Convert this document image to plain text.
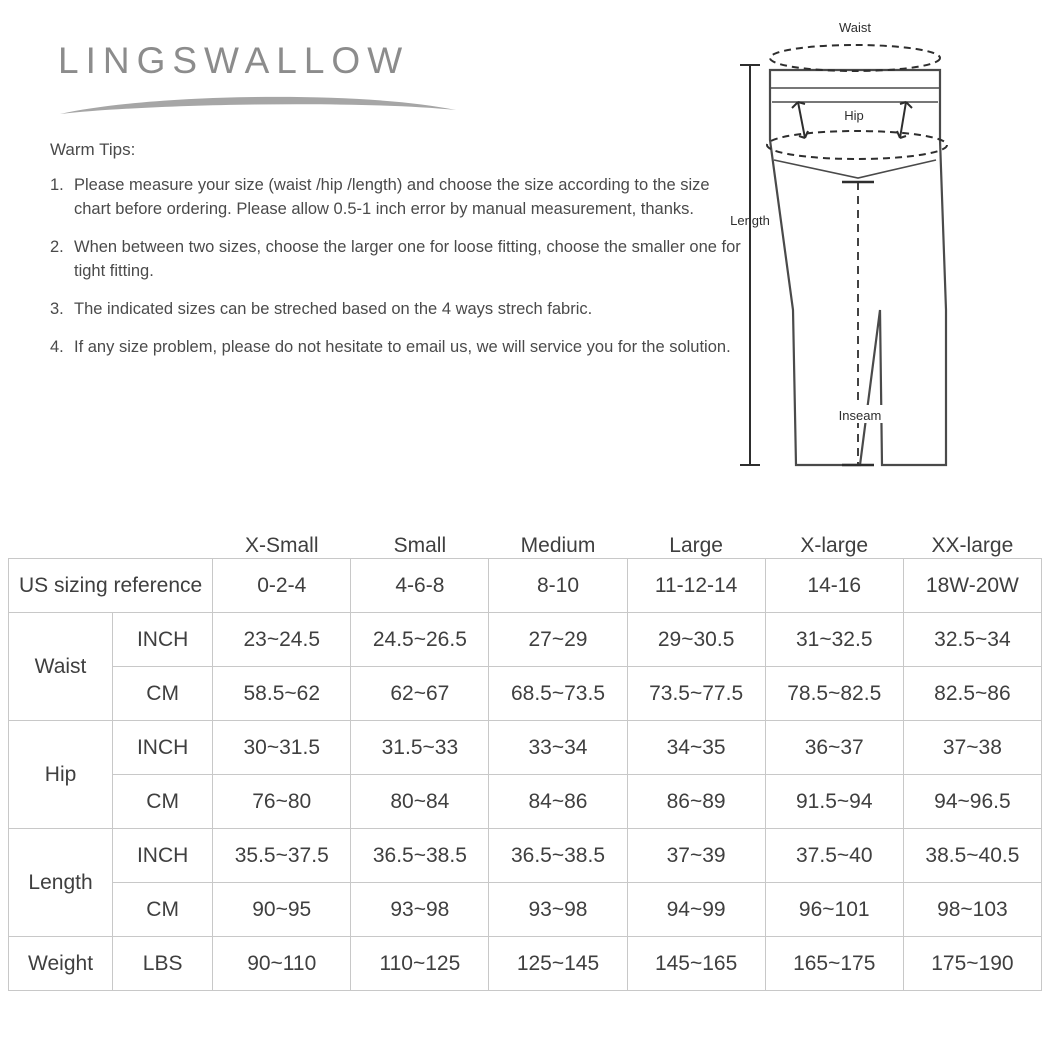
LINGSWALLOW
Warm Tips:
1. Please measure your size (waist /hip /length) and choose the size according to the size chart before ordering. Please allow 0.5-1 inch error by manual measurement, thanks.
2. When between two sizes, choose the larger one for loose fitting, choose the smaller one for tight fitting.
3. The indicated sizes can be streched based on the 4 ways strech fabric.
4. If any size problem, please do not hesitate to email us, we will service you for the solution.
Waist
Hip
Length
Inseam
		X-Small	Small	Medium	Large	X-large	XX-large
US sizing reference		0-2-4	4-6-8	8-10	11-12-14	14-16	18W-20W
Waist	INCH	23~24.5	24.5~26.5	27~29	29~30.5	31~32.5	32.5~34
	CM	58.5~62	62~67	68.5~73.5	73.5~77.5	78.5~82.5	82.5~86
Hip	INCH	30~31.5	31.5~33	33~34	34~35	36~37	37~38
	CM	76~80	80~84	84~86	86~89	91.5~94	94~96.5
Length	INCH	35.5~37.5	36.5~38.5	36.5~38.5	37~39	37.5~40	38.5~40.5
	CM	90~95	93~98	93~98	94~99	96~101	98~103
Weight	LBS	90~110	110~125	125~145	145~165	165~175	175~190
